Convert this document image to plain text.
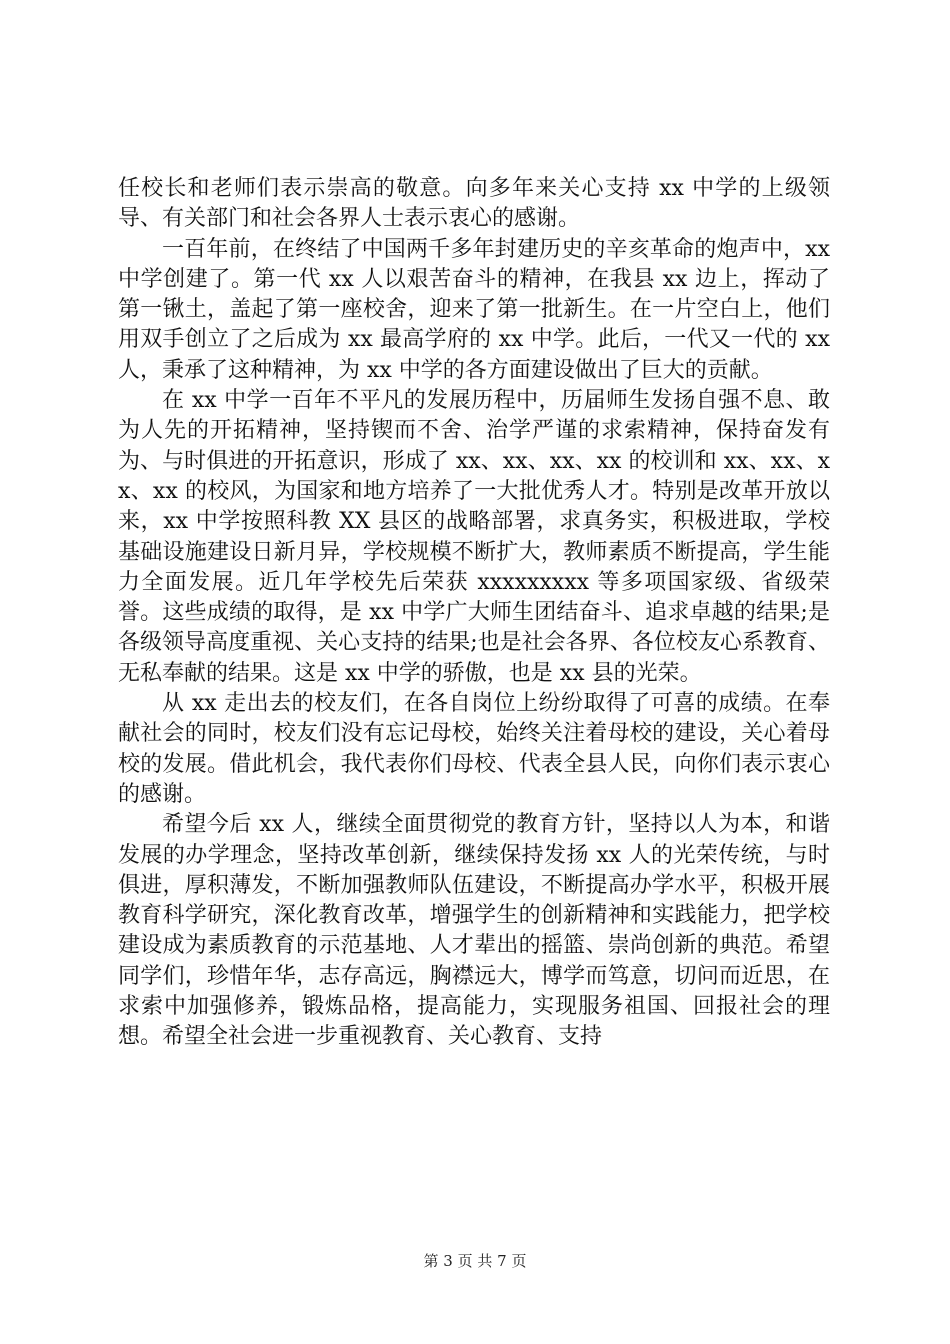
任校长和老师们表示崇高的敬意。向多年来关心支持 xx 中学的上级领导、有关部门和社会各界人士表示衷心的感谢。

一百年前，在终结了中国两千多年封建历史的辛亥革命的炮声中，xx 中学创建了。第一代 xx 人以艰苦奋斗的精神，在我县 xx 边上，挥动了第一锹土，盖起了第一座校舍，迎来了第一批新生。在一片空白上，他们用双手创立了之后成为 xx 最高学府的 xx 中学。此后，一代又一代的 xx 人，秉承了这种精神，为 xx 中学的各方面建设做出了巨大的贡献。

在 xx 中学一百年不平凡的发展历程中，历届师生发扬自强不息、敢为人先的开拓精神，坚持锲而不舍、治学严谨的求索精神，保持奋发有为、与时俱进的开拓意识，形成了 xx、xx、xx、xx 的校训和 xx、xx、xx、xx 的校风，为国家和地方培养了一大批优秀人才。特别是改革开放以来，xx 中学按照科教 XX 县区的战略部署，求真务实，积极进取，学校基础设施建设日新月异，学校规模不断扩大，教师素质不断提高，学生能力全面发展。近几年学校先后荣获 xxxxxxxxx 等多项国家级、省级荣誉。这些成绩的取得，是 xx 中学广大师生团结奋斗、追求卓越的结果;是各级领导高度重视、关心支持的结果;也是社会各界、各位校友心系教育、无私奉献的结果。这是 xx 中学的骄傲，也是 xx 县的光荣。

从 xx 走出去的校友们，在各自岗位上纷纷取得了可喜的成绩。在奉献社会的同时，校友们没有忘记母校，始终关注着母校的建设，关心着母校的发展。借此机会，我代表你们母校、代表全县人民，向你们表示衷心的感谢。

希望今后 xx 人，继续全面贯彻党的教育方针，坚持以人为本，和谐发展的办学理念，坚持改革创新，继续保持发扬 xx 人的光荣传统，与时俱进，厚积薄发，不断加强教师队伍建设，不断提高办学水平，积极开展教育科学研究，深化教育改革，增强学生的创新精神和实践能力，把学校建设成为素质教育的示范基地、人才辈出的摇篮、崇尚创新的典范。希望同学们，珍惜年华，志存高远，胸襟远大，博学而笃意，切问而近思，在求索中加强修养，锻炼品格，提高能力，实现服务祖国、回报社会的理想。希望全社会进一步重视教育、关心教育、支持

第 3 页 共 7 页
